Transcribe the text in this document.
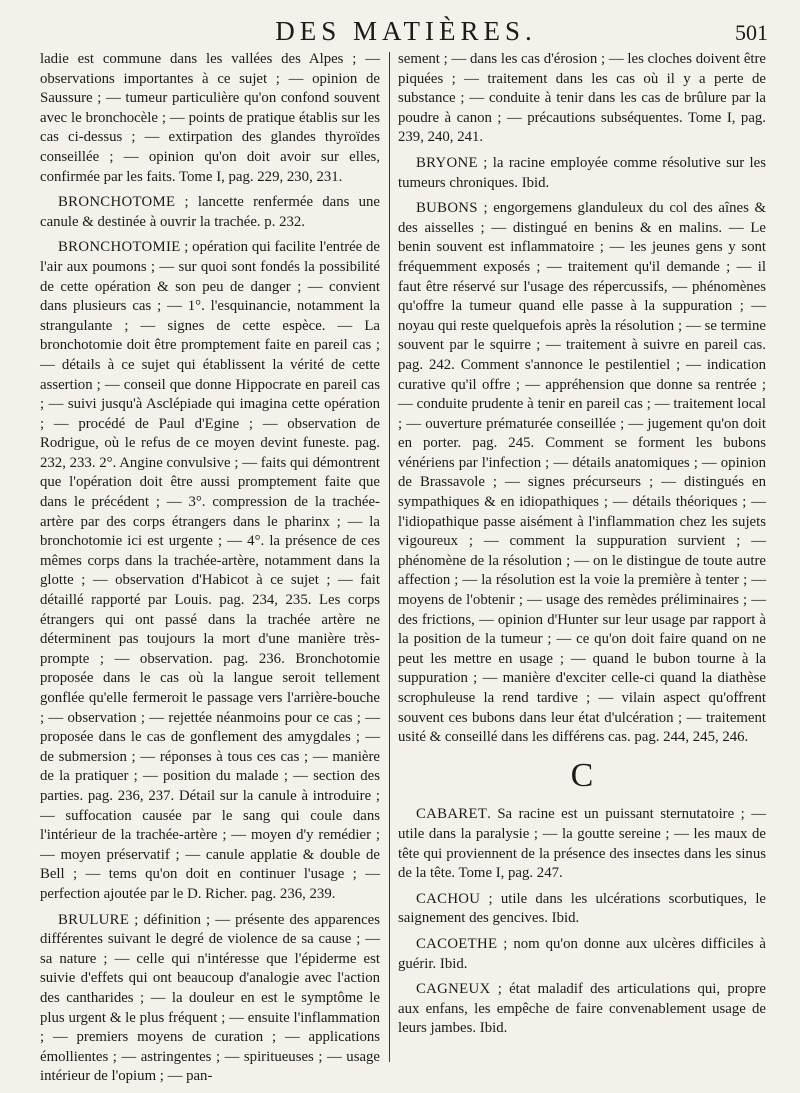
DES MATIÈRES.	501

ladie est commune dans les vallées des Alpes ; — observations importantes à ce sujet ; — opinion de Saussure ; — tumeur particulière qu'on confond souvent avec le bronchocèle ; — points de pratique établis sur les cas ci-dessus ; — extirpation des glandes thyroïdes conseillée ; — opinion qu'on doit avoir sur elles, confirmée par les faits. Tome I, pag. 229, 230, 231.

BRONCHOTOME ; lancette renfermée dans une canule & destinée à ouvrir la trachée. p. 232.

BRONCHOTOMIE ; opération qui facilite l'entrée de l'air aux poumons ; — sur quoi sont fondés la possibilité de cette opération & son peu de danger ; — convient dans plusieurs cas ; — 1°. l'esquinancie, notamment la strangulante ; — signes de cette espèce. — La bronchotomie doit être promptement faite en pareil cas ; — détails à ce sujet qui établissent la vérité de cette assertion ; — conseil que donne Hippocrate en pareil cas ; — suivi jusqu'à Asclépiade qui imagina cette opération ; — procédé de Paul d'Egine ; — observation de Rodrigue, où le refus de ce moyen devint funeste. pag. 232, 233. 2°. Angine convulsive ; — faits qui démontrent que l'opération doit être aussi promptement faite que dans le précédent ; — 3°. compression de la trachée-artère par des corps étrangers dans le pharinx ; — la bronchotomie ici est urgente ; — 4°. la présence de ces mêmes corps dans la trachée-artère, notamment dans la glotte ; — observation d'Habicot à ce sujet ; — fait détaillé rapporté par Louis. pag. 234, 235. Les corps étrangers qui ont passé dans la trachée artère ne déterminent pas toujours la mort d'une manière très-prompte ; — observation. pag. 236. Bronchotomie proposée dans le cas où la langue seroit tellement gonflée qu'elle fermeroit le passage vers l'arrière-bouche ; — observation ; — rejettée néanmoins pour ce cas ; — proposée dans le cas de gonflement des amygdales ; — de submersion ; — réponses à tous ces cas ; — manière de la pratiquer ; — position du malade ; — section des parties. pag. 236, 237. Détail sur la canule à introduire ; — suffocation causée par le sang qui coule dans l'intérieur de la trachée-artère ; — moyen d'y remédier ; — moyen préservatif ; — canule applatie & double de Bell ; — tems qu'on doit en continuer l'usage ; — perfection ajoutée par le D. Richer. pag. 236, 239.

BRULURE ; définition ; — présente des apparences différentes suivant le degré de violence de sa cause ; — sa nature ; — celle qui n'intéresse que l'épiderme est suivie d'effets qui ont beaucoup d'analogie avec l'action des cantharides ; — la douleur en est le symptôme le plus urgent & le plus fréquent ; — ensuite l'inflammation ; — premiers moyens de curation ; — applications émollientes ; — astringentes ; — spiritueuses ; — usage intérieur de l'opium ; — pan-

sement ; — dans les cas d'érosion ; — les cloches doivent être piquées ; — traitement dans les cas où il y a perte de substance ; — conduite à tenir dans les cas de brûlure par la poudre à canon ; — précautions subséquentes. Tome I, pag. 239, 240, 241.

BRYONE ; la racine employée comme résolutive sur les tumeurs chroniques. Ibid.

BUBONS ; engorgemens glanduleux du col des aînes & des aisselles ; — distingué en benins & en malins. — Le benin souvent est inflammatoire ; — les jeunes gens y sont fréquemment exposés ; — traitement qu'il demande ; — il faut être réservé sur l'usage des répercussifs, — phénomènes qu'offre la tumeur quand elle passe à la suppuration ; — noyau qui reste quelquefois après la résolution ; — se termine souvent par le squirre ; — traitement à suivre en pareil cas. pag. 242. Comment s'annonce le pestilentiel ; — indication curative qu'il offre ; — appréhension que donne sa rentrée ; — conduite prudente à tenir en pareil cas ; — traitement local ; — ouverture prématurée conseillée ; — jugement qu'on doit en porter. pag. 245. Comment se forment les bubons vénériens par l'infection ; — détails anatomiques ; — opinion de Brassavole ; — signes précurseurs ; — distingués en sympathiques & en idiopathiques ; — détails théoriques ; — l'idiopathique passe aisément à l'inflammation chez les sujets vigoureux ; — comment la suppuration survient ; — phénomène de la résolution ; — on le distingue de toute autre affection ; — la résolution est la voie la première à tenter ; — moyens de l'obtenir ; — usage des remèdes préliminaires ; — des frictions, — opinion d'Hunter sur leur usage par rapport à la position de la tumeur ; — ce qu'on doit faire quand on ne peut les mettre en usage ; — quand le bubon tourne à la suppuration ; — manière d'exciter celle-ci quand la diathèse scrophuleuse la rend tardive ; — vilain aspect qu'offrent souvent ces bubons dans leur état d'ulcération ; — traitement usité & conseillé dans les différens cas. pag. 244, 245, 246.

C

CABARET. Sa racine est un puissant sternutatoire ; — utile dans la paralysie ; — la goutte sereine ; — les maux de tête qui proviennent de la présence des insectes dans les sinus de la tête. Tome I, pag. 247.

CACHOU ; utile dans les ulcérations scorbutiques, le saignement des gencives. Ibid.

CACOETHE ; nom qu'on donne aux ulcères difficiles à guérir. Ibid.

CAGNEUX ; état maladif des articulations qui, propre aux enfans, les empêche de faire convenablement usage de leurs jambes. Ibid.
